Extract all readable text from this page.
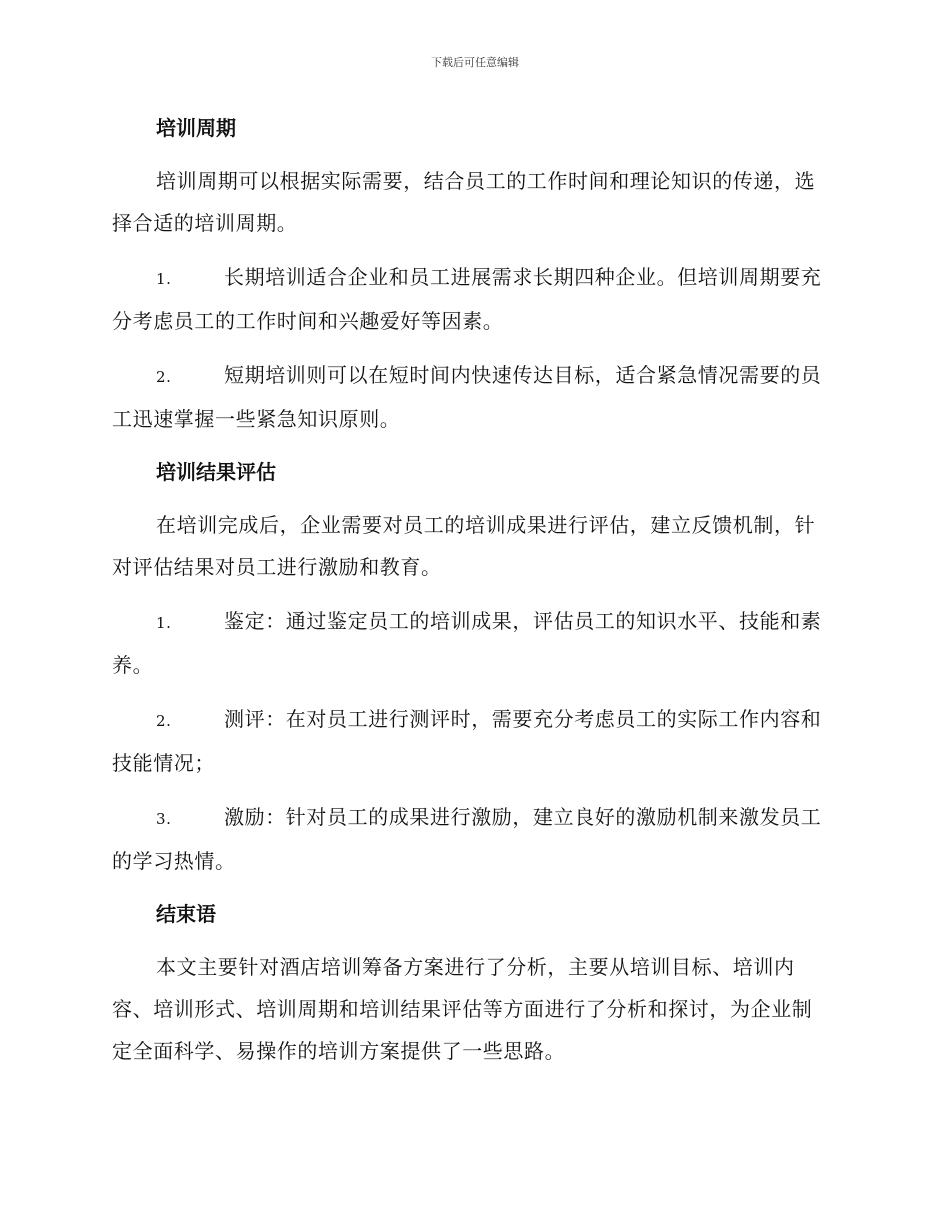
下载后可任意编辑
培训周期

培训周期可以根据实际需要，结合员工的工作时间和理论知识的传递，选择合适的培训周期。

1.	长期培训适合企业和员工进展需求长期四种企业。但培训周期要充分考虑员工的工作时间和兴趣爱好等因素。

2.	短期培训则可以在短时间内快速传达目标，适合紧急情况需要的员工迅速掌握一些紧急知识原则。

培训结果评估

在培训完成后，企业需要对员工的培训成果进行评估，建立反馈机制，针对评估结果对员工进行激励和教育。

1.	鉴定：通过鉴定员工的培训成果，评估员工的知识水平、技能和素养。

2.	测评：在对员工进行测评时，需要充分考虑员工的实际工作内容和技能情况；

3.	激励：针对员工的成果进行激励，建立良好的激励机制来激发员工的学习热情。

结束语

本文主要针对酒店培训筹备方案进行了分析，主要从培训目标、培训内容、培训形式、培训周期和培训结果评估等方面进行了分析和探讨，为企业制定全面科学、易操作的培训方案提供了一些思路。
